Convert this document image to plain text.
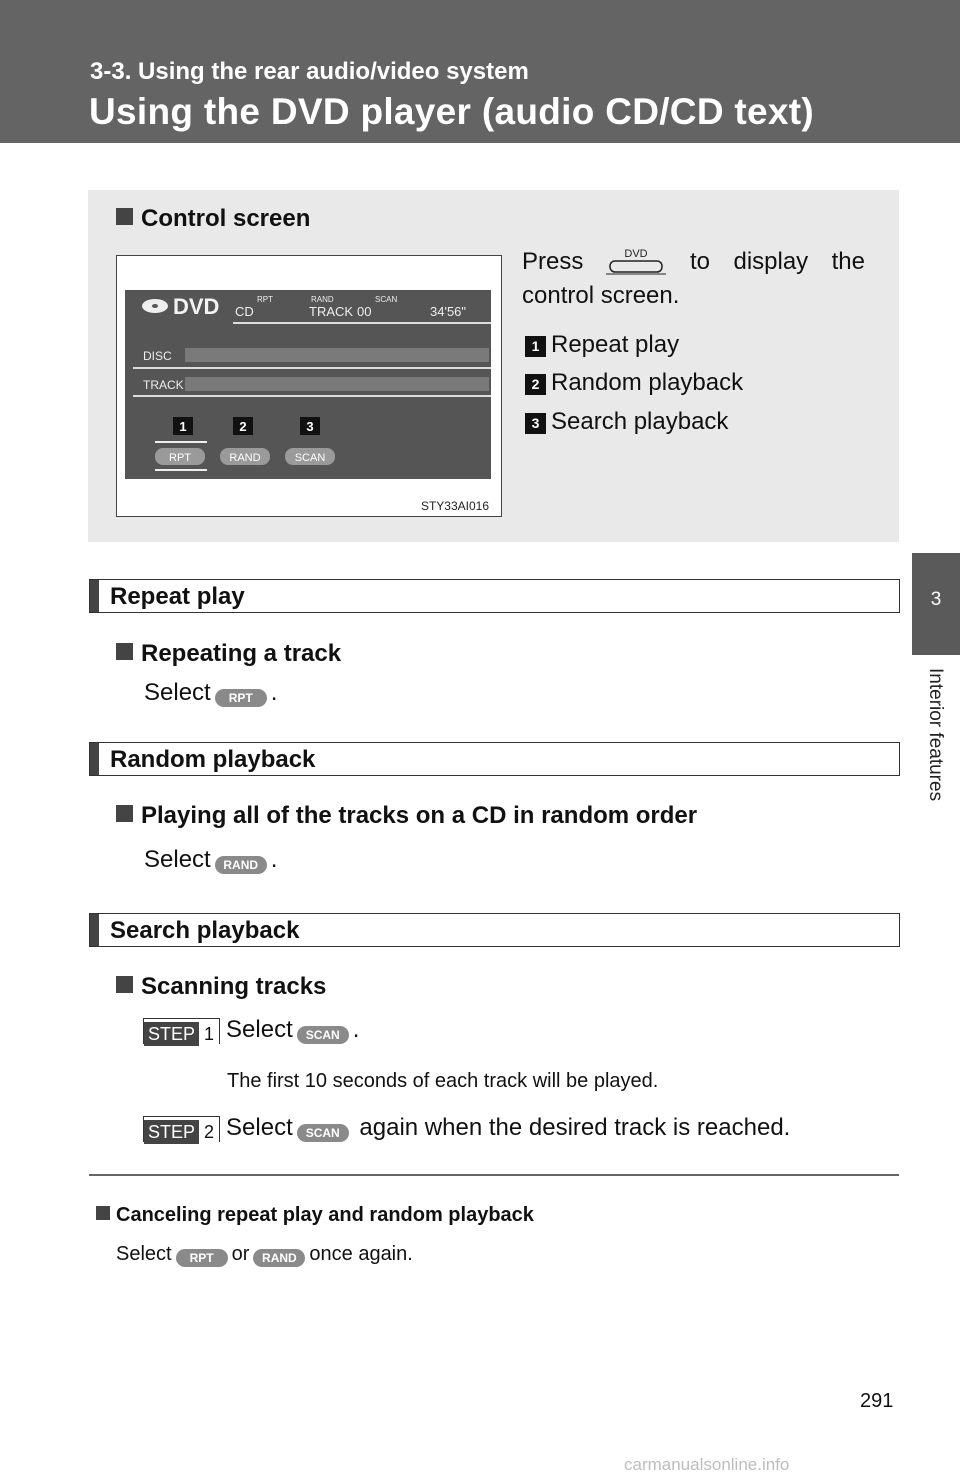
3-3. Using the rear audio/video system
Using the DVD player (audio CD/CD text)
3
Interior features
Control screen
DVD CD
RPT	RAND	SCAN
TRACK 00	34'56"
DISC
TRACK
1	2	3
RPT	RAND	SCAN
STY33AI016
Press	DVD	to display the
control screen.
1 Repeat play
2 Random playback
3 Search playback
Repeat play
Repeating a track
Select RPT .
Random playback
Playing all of the tracks on a CD in random order
Select RAND .
Search playback
Scanning tracks
STEP 1 Select SCAN .
The first 10 seconds of each track will be played.
STEP 2 Select SCAN again when the desired track is reached.
Canceling repeat play and random playback
Select RPT or RAND once again.
291
carmanualsonline.info
